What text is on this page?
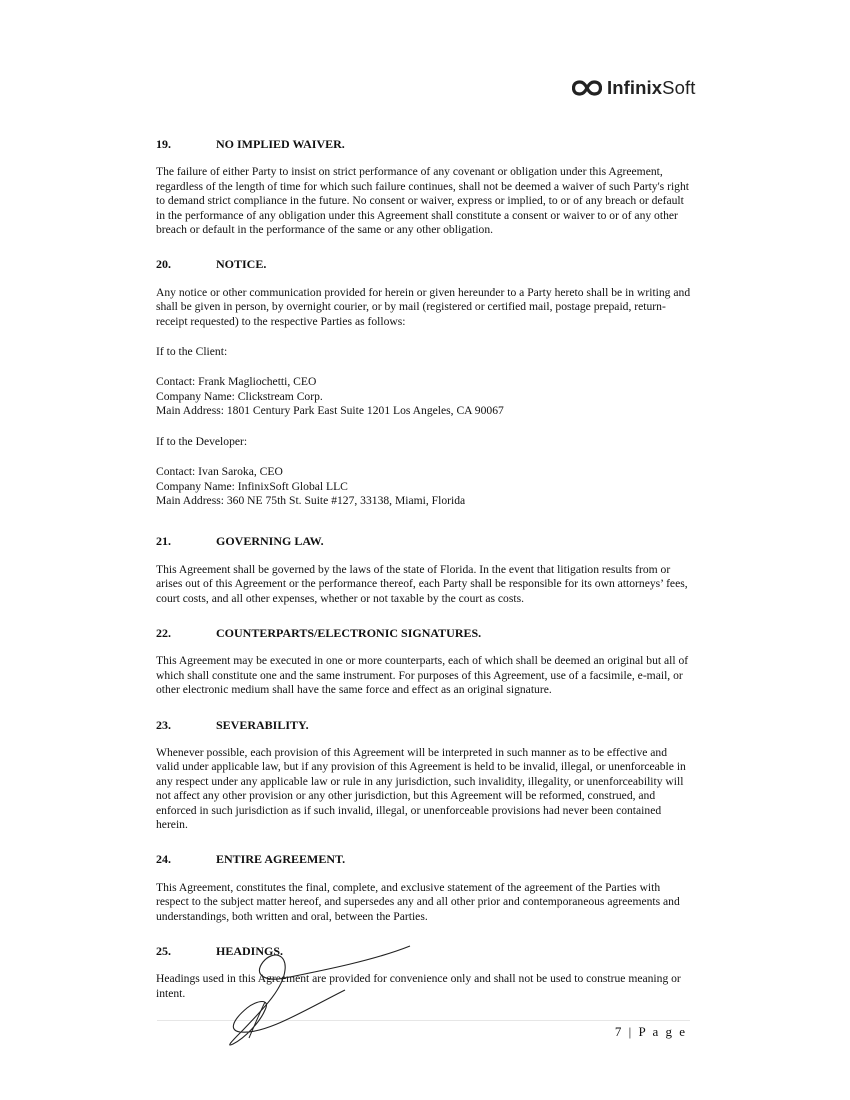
InfinixSoft
19.	NO IMPLIED WAIVER.

The failure of either Party to insist on strict performance of any covenant or obligation under this Agreement, regardless of the length of time for which such failure continues, shall not be deemed a waiver of such Party's right to demand strict compliance in the future. No consent or waiver, express or implied, to or of any breach or default in the performance of any obligation under this Agreement shall constitute a consent or waiver to or of any other breach or default in the performance of the same or any other obligation.

20.	NOTICE.

Any notice or other communication provided for herein or given hereunder to a Party hereto shall be in writing and shall be given in person, by overnight courier, or by mail (registered or certified mail, postage prepaid, return-receipt requested) to the respective Parties as follows:

If to the Client:

Contact: Frank Magliochetti, CEO
Company Name: Clickstream Corp.
Main Address: 1801 Century Park East Suite 1201 Los Angeles, CA 90067

If to the Developer:

Contact: Ivan Saroka, CEO
Company Name: InfinixSoft Global LLC
Main Address: 360 NE 75th St. Suite #127, 33138, Miami, Florida

21.	GOVERNING LAW.

This Agreement shall be governed by the laws of the state of Florida. In the event that litigation results from or arises out of this Agreement or the performance thereof, each Party shall be responsible for its own attorneys’ fees, court costs, and all other expenses, whether or not taxable by the court as costs.

22.	COUNTERPARTS/ELECTRONIC SIGNATURES.

This Agreement may be executed in one or more counterparts, each of which shall be deemed an original but all of which shall constitute one and the same instrument. For purposes of this Agreement, use of a facsimile, e-mail, or other electronic medium shall have the same force and effect as an original signature.

23.	SEVERABILITY.

Whenever possible, each provision of this Agreement will be interpreted in such manner as to be effective and valid under applicable law, but if any provision of this Agreement is held to be invalid, illegal, or unenforceable in any respect under any applicable law or rule in any jurisdiction, such invalidity, illegality, or unenforceability will not affect any other provision or any other jurisdiction, but this Agreement will be reformed, construed, and enforced in such jurisdiction as if such invalid, illegal, or unenforceable provisions had never been contained herein.

24.	ENTIRE AGREEMENT.

This Agreement, constitutes the final, complete, and exclusive statement of the agreement of the Parties with respect to the subject matter hereof, and supersedes any and all other prior and contemporaneous agreements and understandings, both written and oral, between the Parties.

25.	HEADINGS.

Headings used in this Agreement are provided for convenience only and shall not be used to construe meaning or intent.

7 | P a g e
